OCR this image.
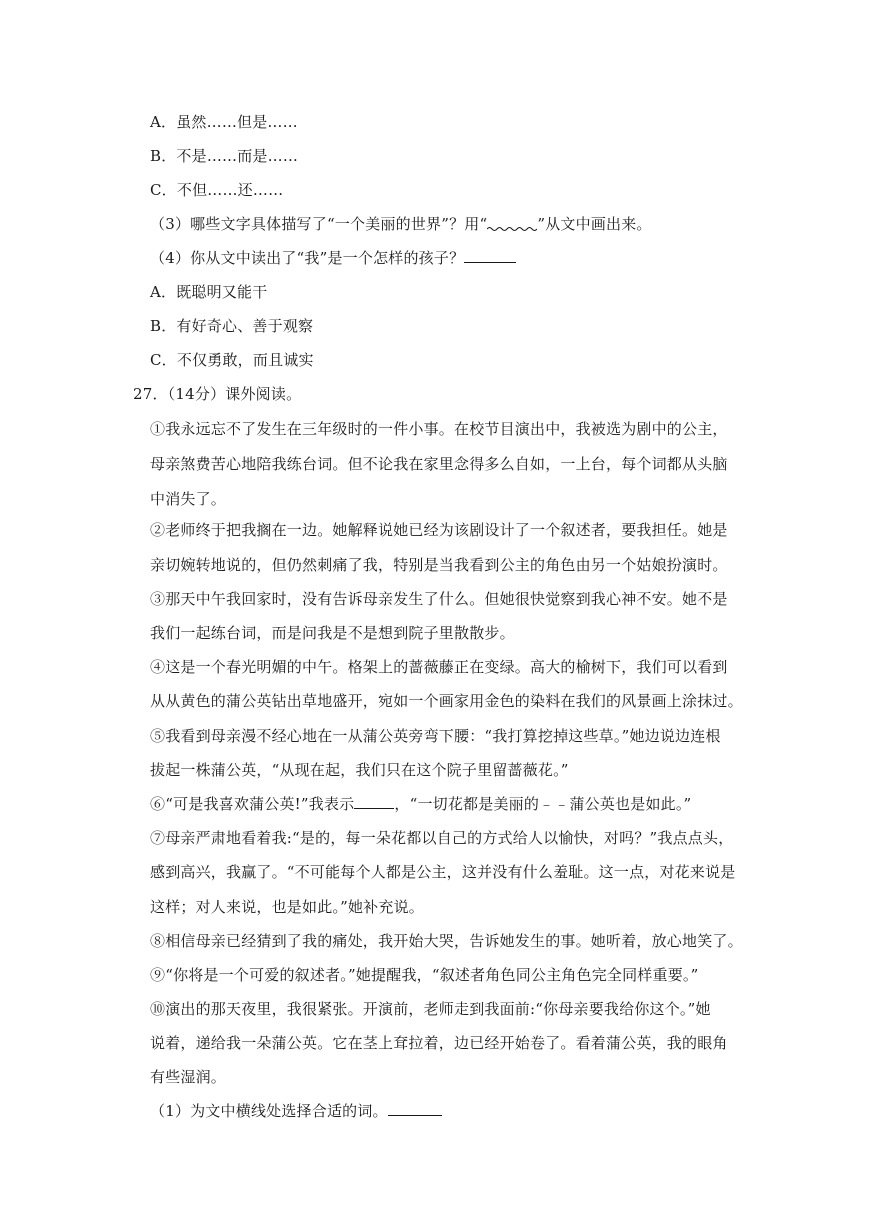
A．虽然……但是……
B．不是……而是……
C．不但……还……
（3）哪些文字具体描写了“一个美丽的世界”？用“	”从文中画出来。
（4）你从文中读出了“我”是一个怎样的孩子？
A．既聪明又能干
B．有好奇心、善于观察
C．不仅勇敢，而且诚实
27．（14分）课外阅读。
①我永远忘不了发生在三年级时的一件小事。在校节目演出中，我被选为剧中的公主，
母亲煞费苦心地陪我练台词。但不论我在家里念得多么自如，一上台，每个词都从头脑
中消失了。
②老师终于把我搁在一边。她解释说她已经为该剧设计了一个叙述者，要我担任。她是
亲切婉转地说的，但仍然刺痛了我，特别是当我看到公主的角色由另一个姑娘扮演时。
③那天中午我回家时，没有告诉母亲发生了什么。但她很快觉察到我心神不安。她不是
我们一起练台词，而是问我是不是想到院子里散散步。
④这是一个春光明媚的中午。格架上的蔷薇藤正在变绿。高大的榆树下，我们可以看到
从从黄色的蒲公英钻出草地盛开，宛如一个画家用金色的染料在我们的风景画上涂抹过。
⑤我看到母亲漫不经心地在一从蒲公英旁弯下腰：“我打算挖掉这些草。”她边说边连根
拔起一株蒲公英，“从现在起，我们只在这个院子里留蔷薇花。”
⑥“可是我喜欢蒲公英!”我表示	，“一切花都是美丽的﹣﹣蒲公英也是如此。”
⑦母亲严肃地看着我:“是的，每一朵花都以自己的方式给人以愉快，对吗？”我点点头，
感到高兴，我赢了。“不可能每个人都是公主，这并没有什么羞耻。这一点，对花来说是
这样；对人来说，也是如此。”她补充说。
⑧相信母亲已经猜到了我的痛处，我开始大哭，告诉她发生的事。她听着，放心地笑了。
⑨“你将是一个可爱的叙述者。”她提醒我，“叙述者角色同公主角色完全同样重要。”
⑩演出的那天夜里，我很紧张。开演前，老师走到我面前:“你母亲要我给你这个。”她
说着，递给我一朵蒲公英。它在茎上耷拉着，边已经开始卷了。看着蒲公英，我的眼角
有些湿润。
（1）为文中横线处选择合适的词。
